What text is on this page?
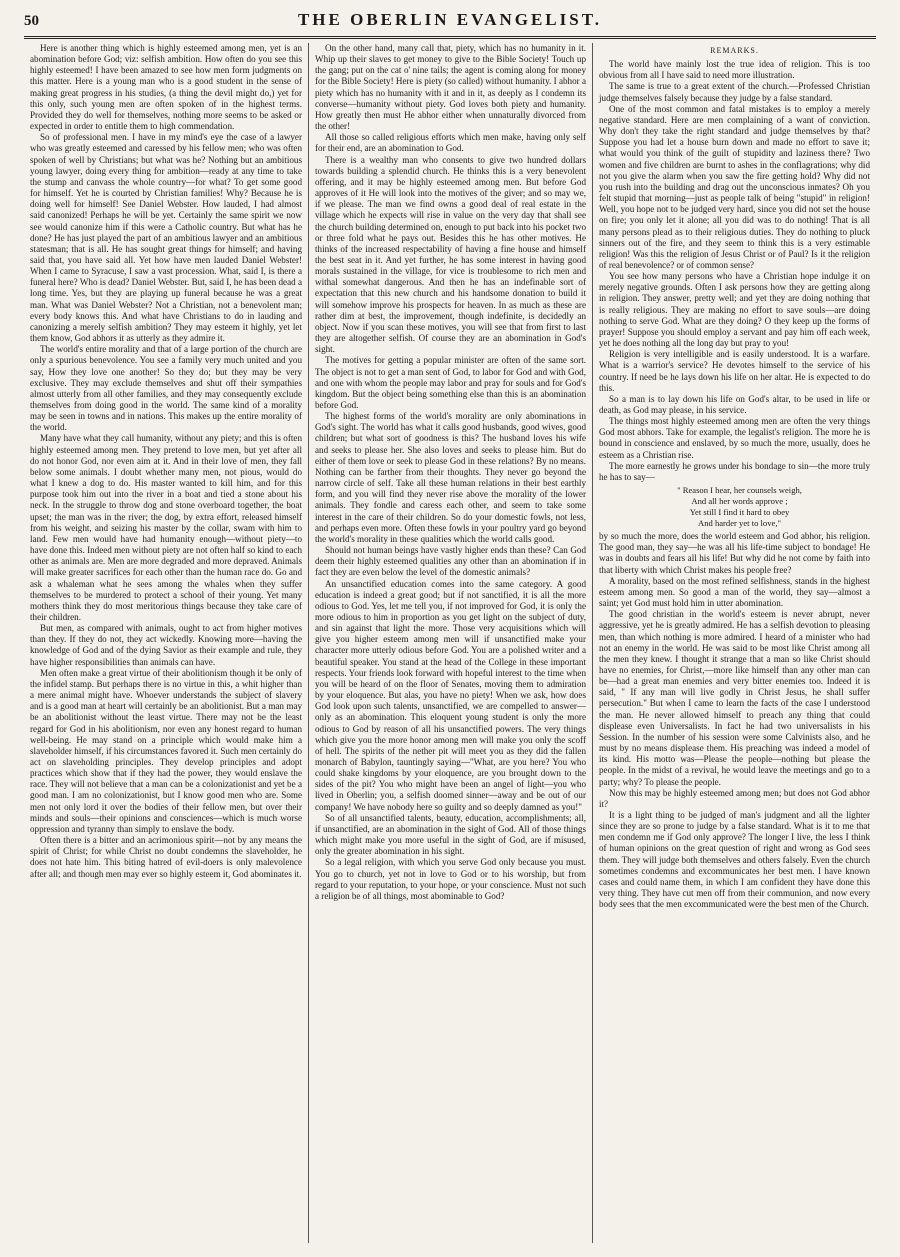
50	THE OBERLIN EVANGELIST.

Here is another thing which is highly esteemed among men, yet is an abomination before God; viz: selfish ambition. How often do you see this highly esteemed! I have been amazed to see how men form judgments on this matter. Here is a young man who is a good student in the sense of making great progress in his studies, (a thing the devil might do,) yet for this only, such young men are often spoken of in the highest terms. Provided they do well for themselves, nothing more seems to be asked or expected in order to entitle them to high commendation.

So of professional men. I have in my mind's eye the case of a lawyer who was greatly esteemed and caressed by his fellow men; who was often spoken of well by Christians; but what was he? Nothing but an ambitious young lawyer, doing every thing for ambition—ready at any time to take the stump and canvass the whole country—for what? To get some good for himself. Yet he is courted by Christian families! Why? Because he is doing well for himself! See Daniel Webster. How lauded, I had almost said canonized! Perhaps he will be yet. Certainly the same spirit we now see would canonize him if this were a Catholic country. But what has he done? He has just played the part of an ambitious lawyer and an ambitious statesman; that is all. He has sought great things for himself; and having said that, you have said all. Yet how have men lauded Daniel Webster! When I came to Syracuse, I saw a vast procession. What, said I, is there a funeral here? Who is dead? Daniel Webster. But, said I, he has been dead a long time. Yes, but they are playing up funeral because he was a great man. What was Daniel Webster? Not a Christian, not a benevolent man; every body knows this. And what have Christians to do in lauding and canonizing a merely selfish ambition? They may esteem it highly, yet let them know, God abhors it as utterly as they admire it.

The world's entire morality and that of a large portion of the church are only a spurious benevolence. You see a family very much united and you say, How they love one another! So they do; but they may be very exclusive. They may exclude themselves and shut off their sympathies almost utterly from all other families, and they may consequently exclude themselves from doing good in the world. The same kind of a morality may be seen in towns and in nations. This makes up the entire morality of the world.

Many have what they call humanity, without any piety; and this is often highly esteemed among men. They pretend to love men, but yet after all do not honor God, nor even aim at it. And in their love of men, they fall below some animals. I doubt whether many men, not pious, would do what I knew a dog to do. His master wanted to kill him, and for this purpose took him out into the river in a boat and tied a stone about his neck. In the struggle to throw dog and stone overboard together, the boat upset; the man was in the river; the dog, by extra effort, released himself from his weight, and seizing his master by the collar, swam with him to land. Few men would have had humanity enough—without piety—to have done this. Indeed men without piety are not often half so kind to each other as animals are. Men are more degraded and more depraved. Animals will make greater sacrifices for each other than the human race do. Go and ask a whaleman what he sees among the whales when they suffer themselves to be murdered to protect a school of their young. Yet many mothers think they do most meritorious things because they take care of their children.

But men, as compared with animals, ought to act from higher motives than they. If they do not, they act wickedly. Knowing more—having the knowledge of God and of the dying Savior as their example and rule, they have higher responsibilities than animals can have.

Men often make a great virtue of their abolitionism though it be only of the infidel stamp. But perhaps there is no virtue in this, a whit higher than a mere animal might have. Whoever understands the subject of slavery and is a good man at heart will certainly be an abolitionist. But a man may be an abolitionist without the least virtue. There may not be the least regard for God in his abolitionism, nor even any honest regard to human well-being. He may stand on a principle which would make him a slaveholder himself, if his circumstances favored it. Such men certainly do act on slaveholding principles. They develop principles and adopt practices which show that if they had the power, they would enslave the race. They will not believe that a man can be a colonizationist and yet be a good man. I am no colonizationist, but I know good men who are. Some men not only lord it over the bodies of their fellow men, but over their minds and souls—their opinions and consciences—which is much worse oppression and tyranny than simply to enslave the body.

Often there is a bitter and an acrimonious spirit—not by any means the spirit of Christ; for while Christ no doubt condemns the slaveholder, he does not hate him. This biting hatred of evil-doers is only malevolence after all; and though men may ever so highly esteem it, God abominates it.

On the other hand, many call that, piety, which has no humanity in it. Whip up their slaves to get money to give to the Bible Society! Touch up the gang; put on the cat o' nine tails; the agent is coming along for money for the Bible Society! Here is piety (so called) without humanity. I abhor a piety which has no humanity with it and in it, as deeply as I condemn its converse—humanity without piety. God loves both piety and humanity. How greatly then must He abhor either when unnaturally divorced from the other!

All those so called religious efforts which men make, having only self for their end, are an abomination to God.

There is a wealthy man who consents to give two hundred dollars towards building a splendid church. He thinks this is a very benevolent offering, and it may be highly esteemed among men. But before God approves of it He will look into the motives of the giver; and so may we, if we please. The man we find owns a good deal of real estate in the village which he expects will rise in value on the very day that shall see the church building determined on, enough to put back into his pocket two or three fold what he pays out. Besides this he has other motives. He thinks of the increased respectability of having a fine house and himself the best seat in it. And yet further, he has some interest in having good morals sustained in the village, for vice is troublesome to rich men and withal somewhat dangerous. And then he has an indefinable sort of expectation that this new church and his handsome donation to build it will somehow improve his prospects for heaven. In as much as these are rather dim at best, the improvement, though indefinite, is decidedly an object. Now if you scan these motives, you will see that from first to last they are altogether selfish. Of course they are an abomination in God's sight.

The motives for getting a popular minister are often of the same sort. The object is not to get a man sent of God, to labor for God and with God, and one with whom the people may labor and pray for souls and for God's kingdom. But the object being something else than this is an abomination before God.

The highest forms of the world's morality are only abominations in God's sight. The world has what it calls good husbands, good wives, good children; but what sort of goodness is this? The husband loves his wife and seeks to please her. She also loves and seeks to please him. But do either of them love or seek to please God in these relations? By no means. Nothing can be farther from their thoughts. They never go beyond the narrow circle of self. Take all these human relations in their best earthly form, and you will find they never rise above the morality of the lower animals. They fondle and caress each other, and seem to take some interest in the care of their children. So do your domestic fowls, not less, and perhaps even more. Often these fowls in your poultry yard go beyond the world's morality in these qualities which the world calls good.

Should not human beings have vastly higher ends than these? Can God deem their highly esteemed qualities any other than an abomination if in fact they are even below the level of the domestic animals?

An unsanctified education comes into the same category. A good education is indeed a great good; but if not sanctified, it is all the more odious to God. Yes, let me tell you, if not improved for God, it is only the more odious to him in proportion as you get light on the subject of duty, and sin against that light the more. Those very acquisitions which will give you higher esteem among men will if unsanctified make your character more utterly odious before God. You are a polished writer and a beautiful speaker. You stand at the head of the College in these important respects. Your friends look forward with hopeful interest to the time when you will be heard of on the floor of Senates, moving them to admiration by your eloquence. But alas, you have no piety! When we ask, how does God look upon such talents, unsanctified, we are compelled to answer—only as an abomination. This eloquent young student is only the more odious to God by reason of all his unsanctified powers. The very things which give you the more honor among men will make you only the scoff of hell. The spirits of the nether pit will meet you as they did the fallen monarch of Babylon, tauntingly saying—"What, are you here? You who could shake kingdoms by your eloquence, are you brought down to the sides of the pit? You who might have been an angel of light—you who lived in Oberlin; you, a selfish doomed sinner—away and be out of our company! We have nobody here so guilty and so deeply damned as you!"

So of all unsanctified talents, beauty, education, accomplishments; all, if unsanctified, are an abomination in the sight of God. All of those things which might make you more useful in the sight of God, are if misused, only the greater abomination in his sight.

So a legal religion, with which you serve God only because you must. You go to church, yet not in love to God or to his worship, but from regard to your reputation, to your hope, or your conscience. Must not such a religion be of all things, most abominable to God?

REMARKS.

The world have mainly lost the true idea of religion. This is too obvious from all I have said to need more illustration.

The same is true to a great extent of the church.—Professed Christian judge themselves falsely because they judge by a false standard.

One of the most common and fatal mistakes is to employ a merely negative standard. Here are men complaining of a want of conviction. Why don't they take the right standard and judge themselves by that? Suppose you had let a house burn down and made no effort to save it; what would you think of the guilt of stupidity and laziness there? Two women and five children are burnt to ashes in the conflagrations; why did not you give the alarm when you saw the fire getting hold? Why did not you rush into the building and drag out the unconscious inmates? Oh you felt stupid that morning—just as people talk of being "stupid" in religion! Well, you hope not to be judged very hard, since you did not set the house on fire; you only let it alone; all you did was to do nothing! That is all many persons plead as to their religious duties. They do nothing to pluck sinners out of the fire, and they seem to think this is a very estimable religion! Was this the religion of Jesus Christ or of Paul? Is it the religion of real benevolence? or of common sense?

You see how many persons who have a Christian hope indulge it on merely negative grounds. Often I ask persons how they are getting along in religion. They answer, pretty well; and yet they are doing nothing that is really religious. They are making no effort to save souls—are doing nothing to serve God. What are they doing? O they keep up the forms of prayer! Suppose you should employ a servant and pay him off each week, yet he does nothing all the long day but pray to you!

Religion is very intelligible and is easily understood. It is a warfare. What is a warrior's service? He devotes himself to the service of his country. If need be he lays down his life on her altar. He is expected to do this.

So a man is to lay down his life on God's altar, to be used in life or death, as God may please, in his service.

The things most highly esteemed among men are often the very things God most abhors. Take for example, the legalist's religion. The more he is bound in conscience and enslaved, by so much the more, usually, does he esteem as a Christian rise.

The more earnestly he grows under his bondage to sin—the more truly he has to say—

" Reason I hear, her counsels weigh,

And all her words approve ;

Yet still I find it hard to obey

And harder yet to love,"

by so much the more, does the world esteem and God abhor, his religion. The good man, they say—he was all his life-time subject to bondage! He was in doubts and fears all his life! But why did he not come by faith into that liberty with which Christ makes his people free?

A morality, based on the most refined selfishness, stands in the highest esteem among men. So good a man of the world, they say—almost a saint; yet God must hold him in utter abomination.

The good christian in the world's esteem is never abrupt, never aggressive, yet he is greatly admired. He has a selfish devotion to pleasing men, than which nothing is more admired. I heard of a minister who had not an enemy in the world. He was said to be most like Christ among all the men they knew. I thought it strange that a man so like Christ should have no enemies, for Christ,—more like himself than any other man can be—had a great man enemies and very bitter enemies too. Indeed it is said, " If any man will live godly in Christ Jesus, he shall suffer persecution." But when I came to learn the facts of the case I understood the man. He never allowed himself to preach any thing that could displease even Universalists. In fact he had two universalists in his Session. In the number of his session were some Calvinists also, and he must by no means displease them. His preaching was indeed a model of its kind. His motto was—Please the people—nothing but please the people. In the midst of a revival, he would leave the meetings and go to a party; why? To please the people.

Now this may be highly esteemed among men; but does not God abhor it?

It is a light thing to be judged of man's judgment and all the lighter since they are so prone to judge by a false standard. What is it to me that men condemn me if God only approve? The longer I live, the less I think of human opinions on the great question of right and wrong as God sees them. They will judge both themselves and others falsely. Even the church sometimes condemns and excommunicates her best men. I have known cases and could name them, in which I am confident they have done this very thing. They have cut men off from their communion, and now every body sees that the men excommunicated were the best men of the Church.
